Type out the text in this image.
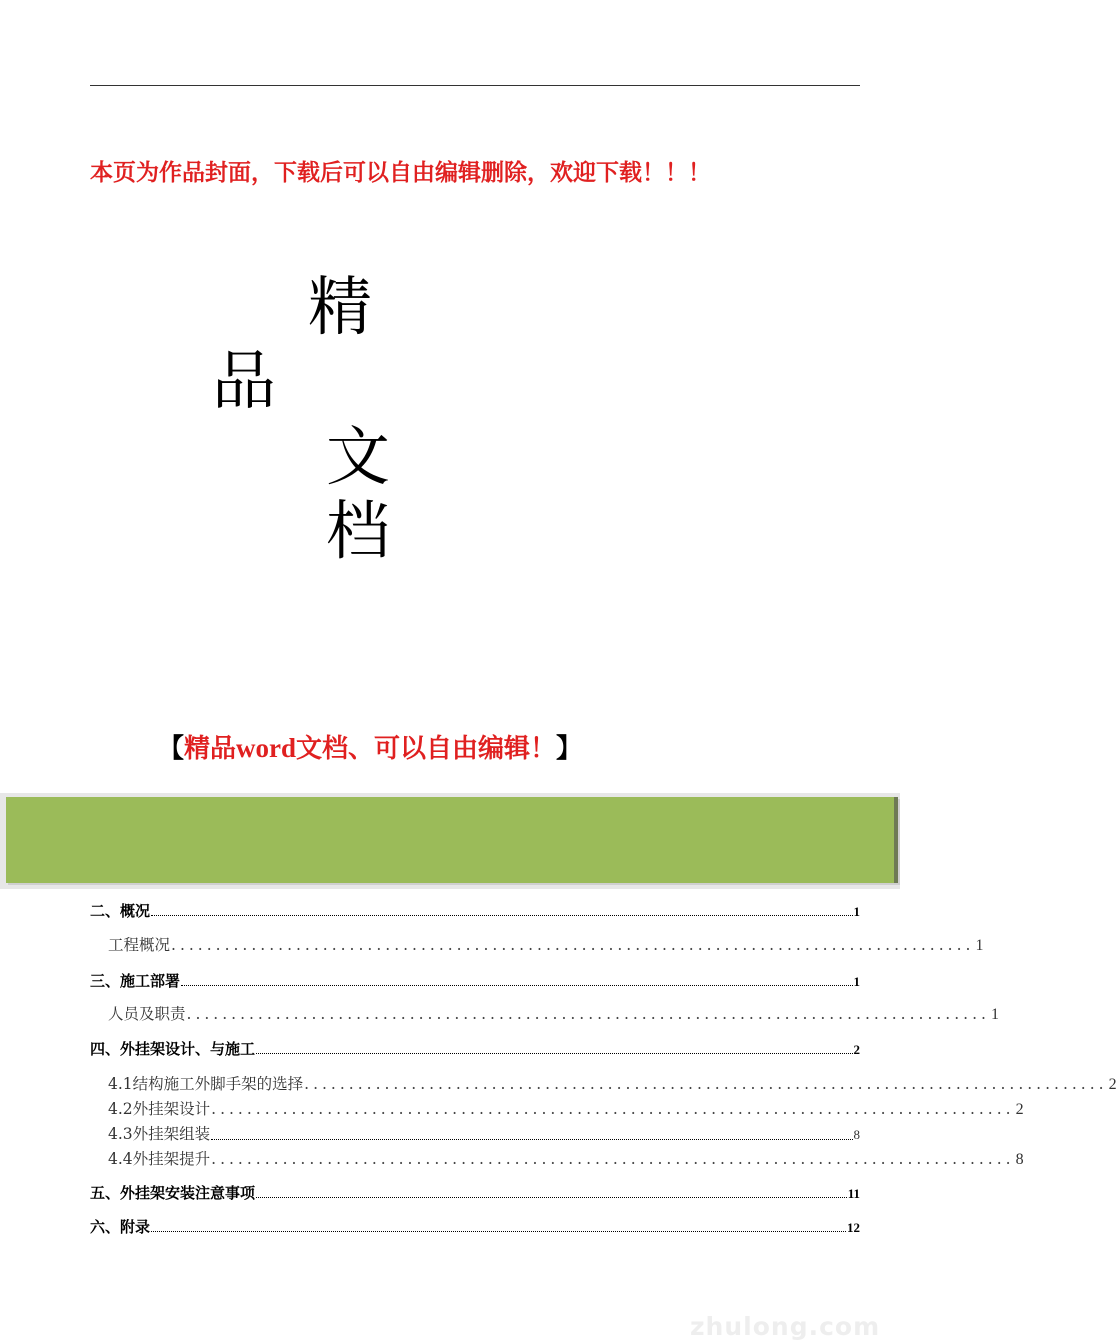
本页为作品封面，下载后可以自由编辑删除，欢迎下载！！！
精
品
文
档
【精品word文档、可以自由编辑！】
二、概况	1
工程概况 .......................................................................................... 1
三、施工部署	1
人员及职责 .......................................................................................... 1
四、外挂架设计、与施工	2
4.1结构施工外脚手架的选择 .......................................................................................... 2
4.2外挂架设计 .......................................................................................... 2
4.3外挂架组装	8
4.4外挂架提升 .......................................................................................... 8
五、外挂架安装注意事项	11
六、附录	12
zhulong.com
